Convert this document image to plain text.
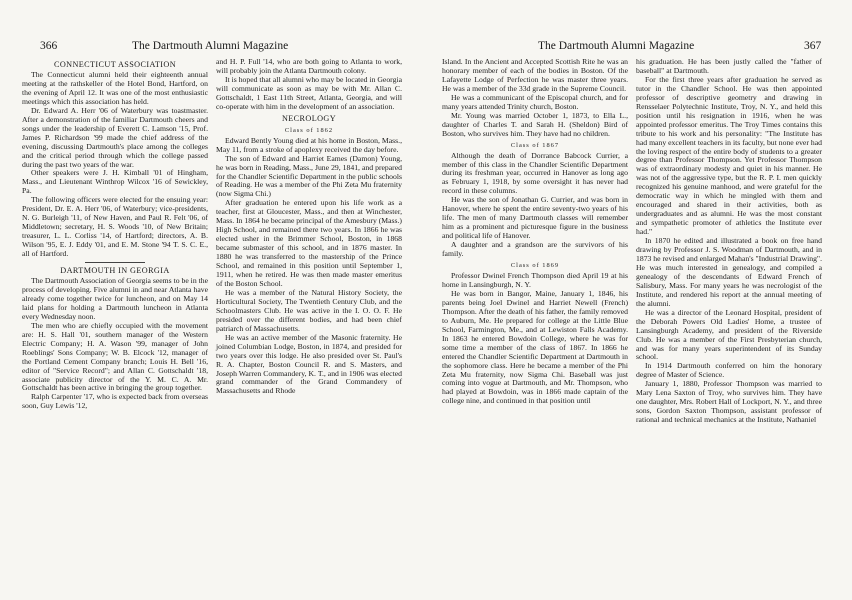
366	The Dartmouth Alumni Magazine
CONNECTICUT ASSOCIATION

The Connecticut alumni held their eighteenth annual meeting at the rathskeller of the Hotel Bond, Hartford, on the evening of April 12. It was one of the most enthusiastic meetings which this association has held.

Dr. Edward A. Herr '06 of Waterbury was toastmaster. After a demonstration of the familiar Dartmouth cheers and songs under the leadership of Everett C. Lamson '15, Prof. James P. Richardson '99 made the chief address of the evening, discussing Dartmouth's place among the colleges and the critical period through which the college passed during the past two years of the war.

Other speakers were J. H. Kimball '01 of Hingham, Mass., and Lieutenant Winthrop Wilcox '16 of Sewickley, Pa.

The following officers were elected for the ensuing year: President, Dr. E. A. Herr '06, of Waterbury; vice-presidents, N. G. Burleigh '11, of New Haven, and Paul R. Felt '06, of Middletown; secretary, H. S. Woods '10, of New Britain; treasurer, L. L. Corliss '14, of Hartford; directors, A. B. Wilson '95, E. J. Eddy '01, and E. M. Stone '94 T. S. C. E., all of Hartford.

DARTMOUTH IN GEORGIA

The Dartmouth Association of Georgia seems to be in the process of developing. Five alumni in and near Atlanta have already come together twice for luncheon, and on May 14 laid plans for holding a Dartmouth luncheon in Atlanta every Wednesday noon.

The men who are chiefly occupied with the movement are: H. S. Hall '01, southern manager of the Western Electric Company; H. A. Wason '99, manager of John Roeblings' Sons Company; W. B. Elcock '12, manager of the Portland Cement Company branch; Louis H. Bell '16, editor of "Service Record"; and Allan C. Gottschaldt '18, associate publicity director of the Y. M. C. A. Mr. Gottschaldt has been active in bringing the group together.

Ralph Carpenter '17, who is expected back from overseas soon, Guy Lewis '12,

and H. P. Full '14, who are both going to Atlanta to work, will probably join the Atlanta Dartmouth colony.

It is hoped that all alumni who may be located in Georgia will communicate as soon as may be with Mr. Allan C. Gottschaldt, 1 East 11th Street, Atlanta, Georgia, and will co-operate with him in the development of an association.

NECROLOGY
Class of 1862

Edward Bently Young died at his home in Boston, Mass., May 11, from a stroke of apoplexy received the day before.

The son of Edward and Harriet Eames (Damon) Young, he was born in Reading, Mass., June 29, 1841, and prepared for the Chandler Scientific Department in the public schools of Reading. He was a member of the Phi Zeta Mu fraternity (now Sigma Chi.)

After graduation he entered upon his life work as a teacher, first at Gloucester, Mass., and then at Winchester, Mass. In 1864 he became principal of the Amesbury (Mass.) High School, and remained there two years. In 1866 he was elected usher in the Brimmer School, Boston, in 1868 became submaster of this school, and in 1876 master. In 1880 he was transferred to the mastership of the Prince School, and remained in this position until September 1, 1911, when he retired. He was then made master emeritus of the Boston School.

He was a member of the Natural History Society, the Horticultural Society, The Twentieth Century Club, and the Schoolmasters Club. He was active in the I. O. O. F. He presided over the different bodies, and had been chief patriarch of Massachusetts.

He was an active member of the Masonic fraternity. He joined Columbian Lodge, Boston, in 1874, and presided for two years over this lodge. He also presided over St. Paul's R. A. Chapter, Boston Council R. and S. Masters, and Joseph Warren Commandery, K. T., and in 1906 was elected grand commander of the Grand Commandery of Massachusetts and Rhode

The Dartmouth Alumni Magazine	367

Island. In the Ancient and Accepted Scottish Rite he was an honorary member of each of the bodies in Boston. Of the Lafayette Lodge of Perfection he was master three years. He was a member of the 33d grade in the Supreme Council.

He was a communicant of the Episcopal church, and for many years attended Trinity church, Boston.

Mr. Young was married October 1, 1873, to Ella L., daughter of Charles T. and Sarah H. (Sheldon) Bird of Boston, who survives him. They have had no children.

Class of 1867

Although the death of Dorrance Babcock Currier, a member of this class in the Chandler Scientific Department during its freshman year, occurred in Hanover as long ago as February 1, 1918, by some oversight it has never had record in these columns.

He was the son of Jonathan G. Currier, and was born in Hanover, where he spent the entire seventy-two years of his life. The men of many Dartmouth classes will remember him as a prominent and picturesque figure in the business and political life of Hanover.

A daughter and a grandson are the survivors of his family.

Class of 1869

Professor Dwinel French Thompson died April 19 at his home in Lansingburgh, N. Y.

He was born in Bangor, Maine, January 1, 1846, his parents being Joel Dwinel and Harriet Newell (French) Thompson. After the death of his father, the family removed to Auburn, Me. He prepared for college at the Little Blue School, Farmington, Me., and at Lewiston Falls Academy. In 1863 he entered Bowdoin College, where he was for some time a member of the class of 1867. In 1866 he entered the Chandler Scientific Department at Dartmouth in the sophomore class. Here he became a member of the Phi Zeta Mu fraternity, now Sigma Chi. Baseball was just coming into vogue at Dartmouth, and Mr. Thompson, who had played at Bowdoin, was in 1866 made captain of the college nine, and continued in that position until

his graduation. He has been justly called the "father of baseball" at Dartmouth.

For the first three years after graduation he served as tutor in the Chandler School. He was then appointed professor of descriptive geometry and drawing in Rensselaer Polytechnic Institute, Troy, N. Y., and held this position until his resignation in 1916, when he was appointed professor emeritus. The Troy Times contains this tribute to his work and his personality: "The Institute has had many excellent teachers in its faculty, but none ever had the loving respect of the entire body of students to a greater degree than Professor Thompson. Yet Professor Thompson was of extraordinary modesty and quiet in his manner. He was not of the aggressive type, but the R. P. I. men quickly recognized his genuine manhood, and were grateful for the democratic way in which he mingled with them and encouraged and shared in their activities, both as undergraduates and as alumni. He was the most constant and sympathetic promoter of athletics the Institute ever had."

In 1870 he edited and illustrated a book on free hand drawing by Professor J. S. Woodman of Dartmouth, and in 1873 he revised and enlarged Mahan's "Industrial Drawing". He was much interested in genealogy, and compiled a genealogy of the descendants of Edward French of Salisbury, Mass. For many years he was necrologist of the Institute, and rendered his report at the annual meeting of the alumni.

He was a director of the Leonard Hospital, president of the Deborah Powers Old Ladies' Home, a trustee of Lansingburgh Academy, and president of the Riverside Club. He was a member of the First Presbyterian church, and was for many years superintendent of its Sunday school.

In 1914 Dartmouth conferred on him the honorary degree of Master of Science.

January 1, 1880, Professor Thompson was married to Mary Lena Saxton of Troy, who survives him. They have one daughter, Mrs. Robert Hall of Lockport, N. Y., and three sons, Gordon Saxton Thompson, assistant professor of rational and technical mechanics at the Institute, Nathaniel
